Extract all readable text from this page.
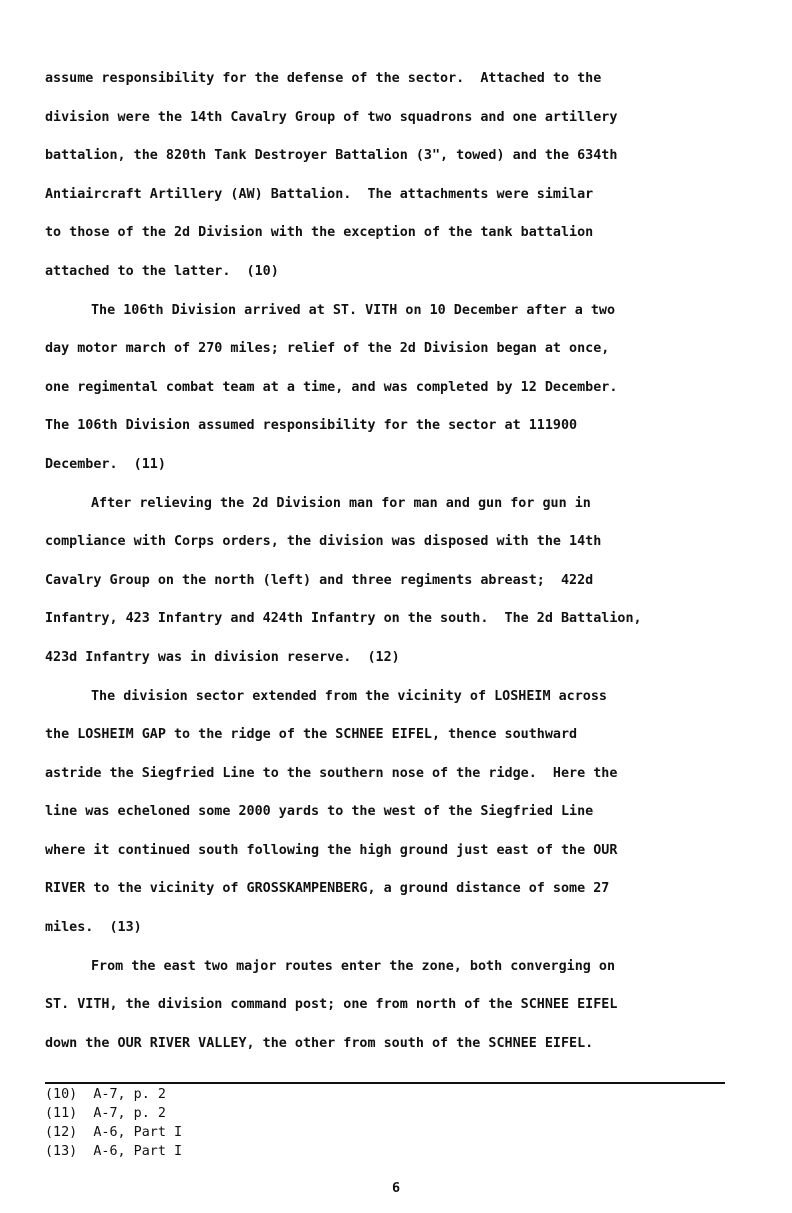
assume responsibility for the defense of the sector.  Attached to the
division were the 14th Cavalry Group of two squadrons and one artillery
battalion, the 820th Tank Destroyer Battalion (3", towed) and the 634th
Antiaircraft Artillery (AW) Battalion.  The attachments were similar
to those of the 2d Division with the exception of the tank battalion
attached to the latter.  (10)
The 106th Division arrived at ST. VITH on 10 December after a two
day motor march of 270 miles; relief of the 2d Division began at once,
one regimental combat team at a time, and was completed by 12 December.
The 106th Division assumed responsibility for the sector at 111900
December.  (11)
After relieving the 2d Division man for man and gun for gun in
compliance with Corps orders, the division was disposed with the 14th
Cavalry Group on the north (left) and three regiments abreast;  422d
Infantry, 423 Infantry and 424th Infantry on the south.  The 2d Battalion,
423d Infantry was in division reserve.  (12)
The division sector extended from the vicinity of LOSHEIM across
the LOSHEIM GAP to the ridge of the SCHNEE EIFEL, thence southward
astride the Siegfried Line to the southern nose of the ridge.  Here the
line was echeloned some 2000 yards to the west of the Siegfried Line
where it continued south following the high ground just east of the OUR
RIVER to the vicinity of GROSSKAMPENBERG, a ground distance of some 27
miles.  (13)
From the east two major routes enter the zone, both converging on
ST. VITH, the division command post; one from north of the SCHNEE EIFEL
down the OUR RIVER VALLEY, the other from south of the SCHNEE EIFEL.
(10)  A-7, p. 2
(11)  A-7, p. 2
(12)  A-6, Part I
(13)  A-6, Part I
6
